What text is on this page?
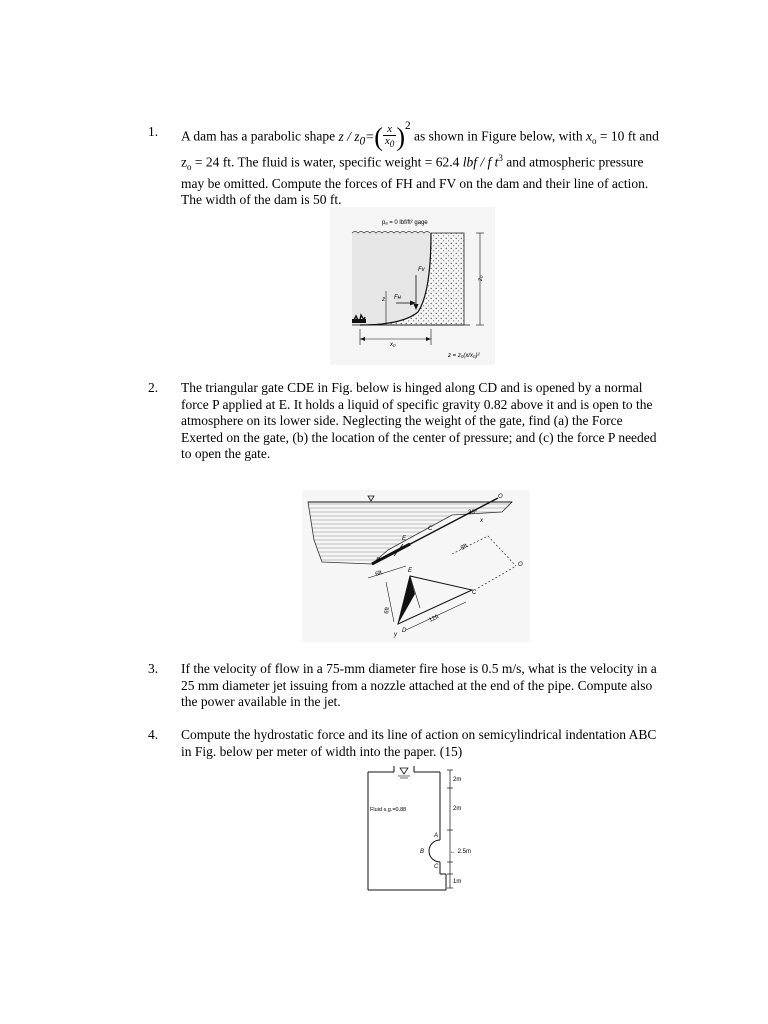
1. A dam has a parabolic shape $z / z_0=( \frac{x}{x_0} )^2$ as shown in Figure below, with $x_o = 10$ ft and
$z_o = 24$ ft. The fluid is water, specific weight = 62.4 lbf / f $t^3$ and atmospheric pressure
may be omitted. Compute the forces of FH and FV on the dam and their line of action.
The width of the dam is 50 ft.
pₐ = 0 lbf/ft² gage
Fv
Fʜ
z
z₀
x₀
z = z₀(x/x₀)²
2. The triangular gate CDE in Fig. below is hinged along CD and is opened by a normal
force P applied at E. It holds a liquid of specific gravity 0.82 above it and is open to the
atmosphere on its lower side. Neglecting the weight of the gate, find (a) the Force
Exerted on the gate, (b) the location of the center of pressure; and (c) the force P needed
to open the gate.
O
30°
x
C
E
D
6ft
8ft
E
C
D
O
y
6ft
12ft
3. If the velocity of flow in a 75-mm diameter fire hose is 0.5 m/s, what is the velocity in a
25 mm diameter jet issuing from a nozzle attached at the end of the pipe. Compute also
the power available in the jet.
4. Compute the hydrostatic force and its line of action on semicylindrical indentation ABC
in Fig. below per meter of width into the paper. (15)
2m
Fluid s.g.=0.88	2m
A
B	← 2.5m
C
1m
